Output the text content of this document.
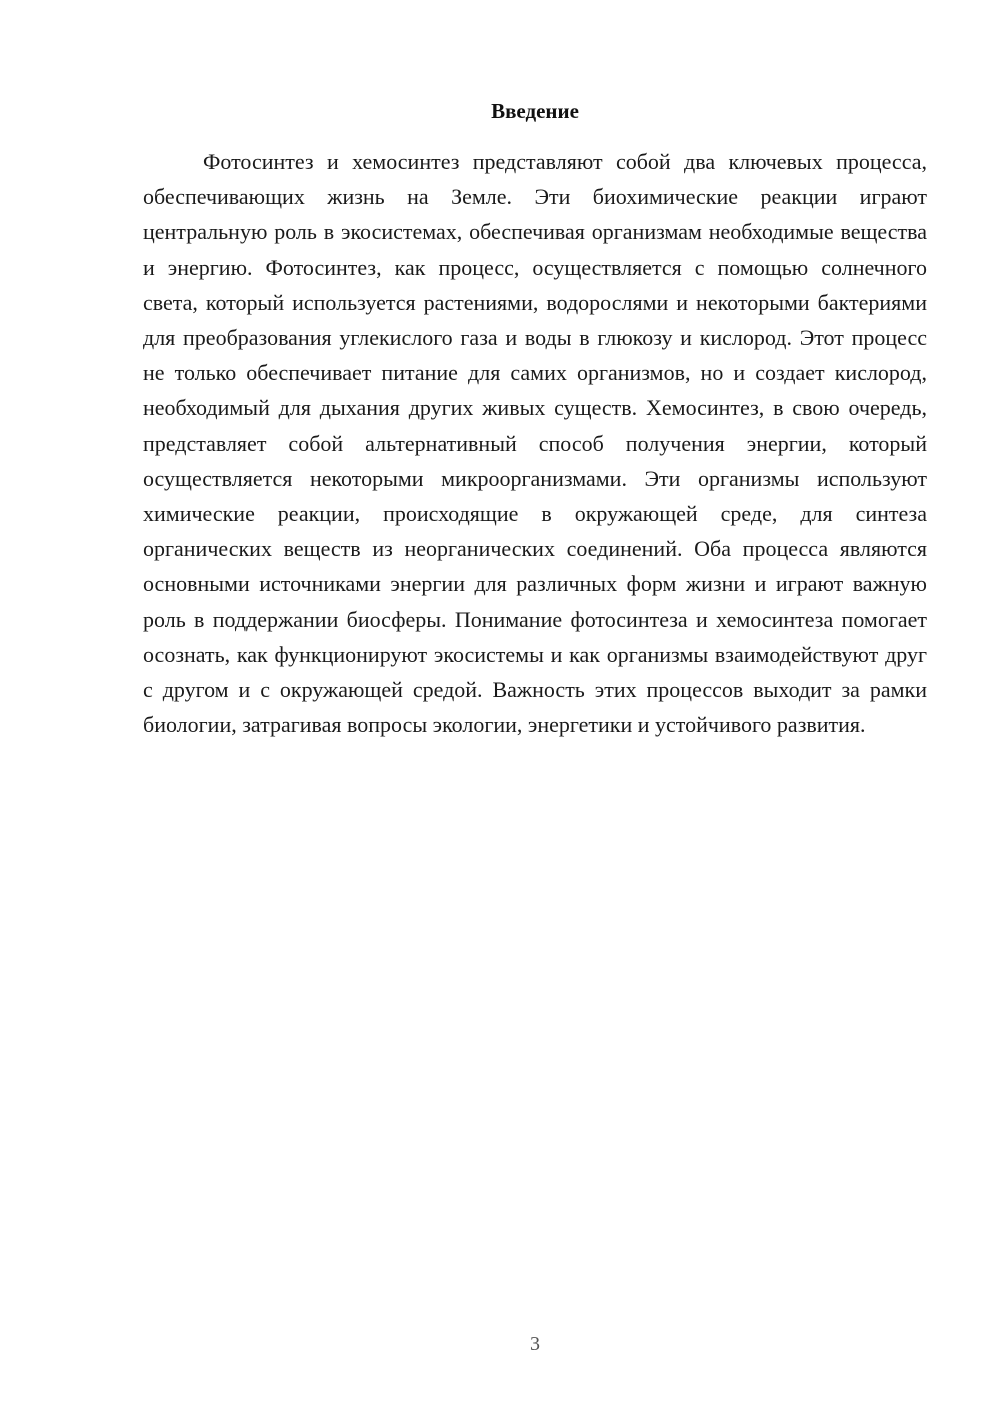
Введение

Фотосинтез и хемосинтез представляют собой два ключевых процесса, обеспечивающих жизнь на Земле. Эти биохимические реакции играют центральную роль в экосистемах, обеспечивая организмам необходимые вещества и энергию. Фотосинтез, как процесс, осуществляется с помощью солнечного света, который используется растениями, водорослями и некоторыми бактериями для преобразования углекислого газа и воды в глюкозу и кислород. Этот процесс не только обеспечивает питание для самих организмов, но и создает кислород, необходимый для дыхания других живых существ. Хемосинтез, в свою очередь, представляет собой альтернативный способ получения энергии, который осуществляется некоторыми микроорганизмами. Эти организмы используют химические реакции, происходящие в окружающей среде, для синтеза органических веществ из неорганических соединений. Оба процесса являются основными источниками энергии для различных форм жизни и играют важную роль в поддержании биосферы. Понимание фотосинтеза и хемосинтеза помогает осознать, как функционируют экосистемы и как организмы взаимодействуют друг с другом и с окружающей средой. Важность этих процессов выходит за рамки биологии, затрагивая вопросы экологии, энергетики и устойчивого развития.

3
